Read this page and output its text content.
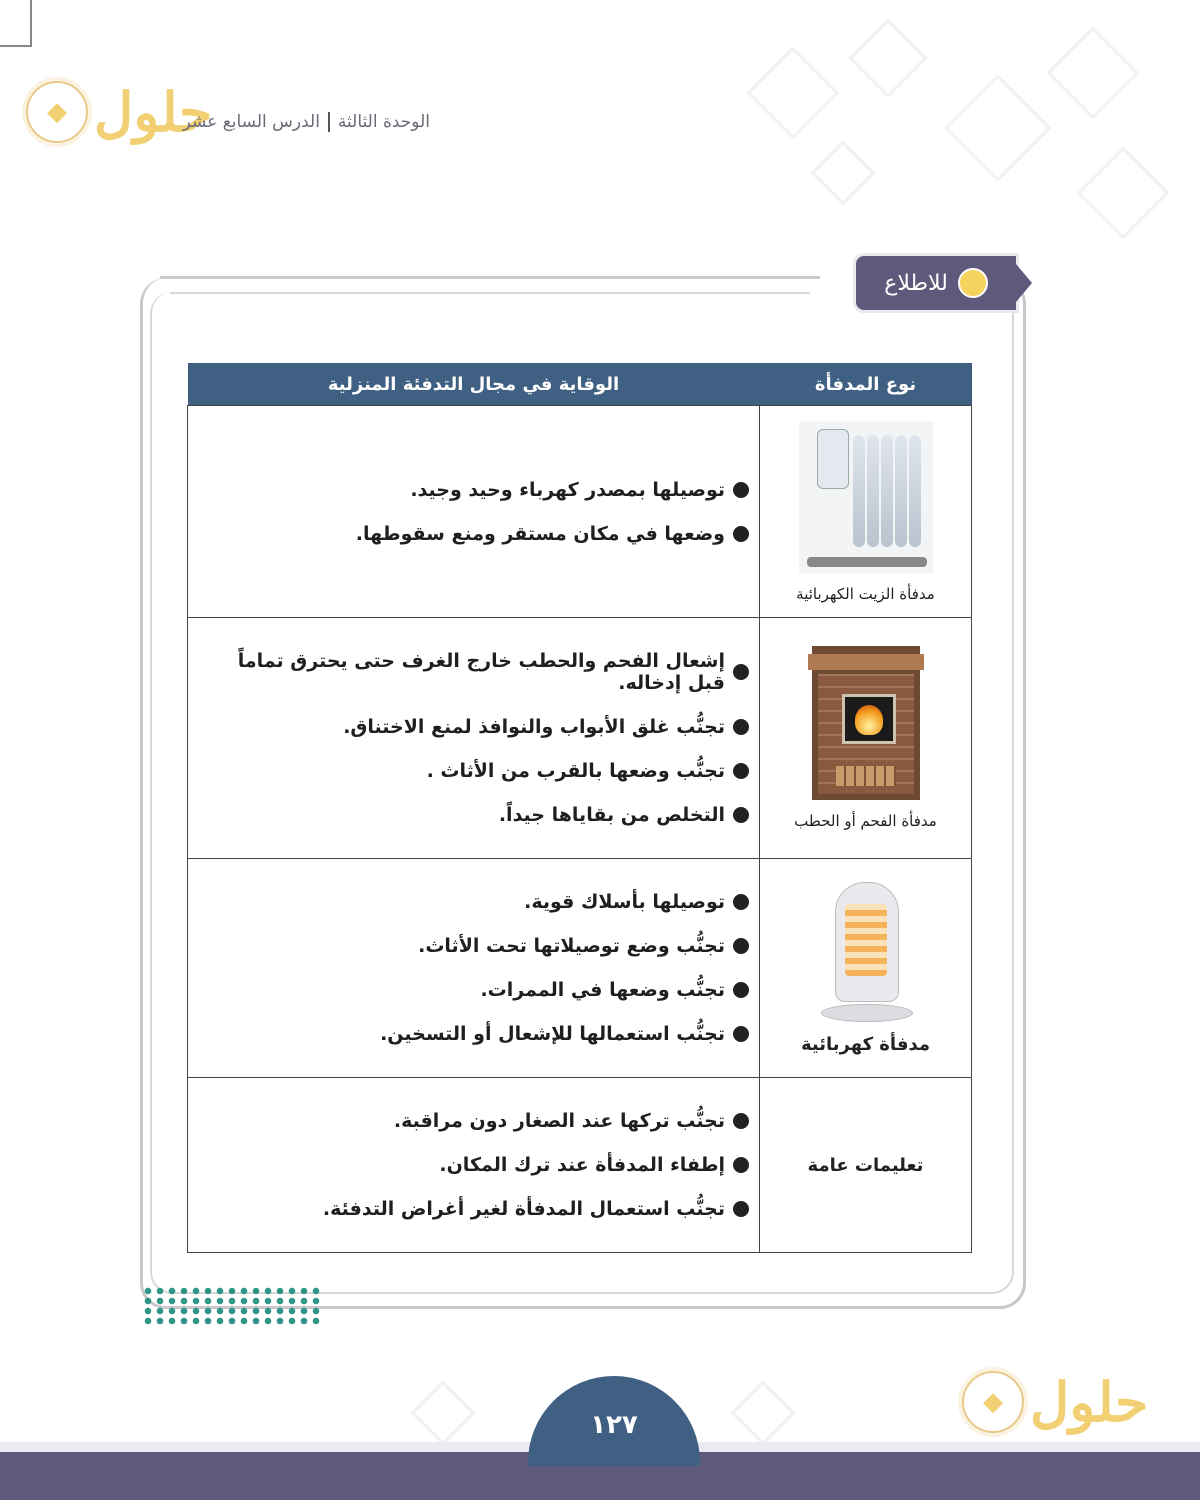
◆ حلول	الوحدة الثالثةالدرس السابع عشر
للاطلاع
نوع المدفأة	الوقاية في مجال التدفئة المنزلية

مدفأة الزيت الكهربائية	توصيلها بمصدر كهرباء وحيد وجيد.
وضعها في مكان مستقر ومنع سقوطها.

مدفأة الفحم أو الحطب	إشعال الفحم والحطب خارج الغرف حتى يحترق تماماً قبل إدخاله.
تجنُّب غلق الأبواب والنوافذ لمنع الاختناق.
تجنُّب وضعها بالقرب من الأثاث .
التخلص من بقاياها جيداً.

مدفأة كهربائية	توصيلها بأسلاك قوية.
تجنُّب وضع توصيلاتها تحت الأثاث.
تجنُّب وضعها في الممرات.
تجنُّب استعمالها للإشعال أو التسخين.

تعليمات عامة	تجنُّب تركها عند الصغار دون مراقبة.
إطفاء المدفأة عند ترك المكان.
تجنُّب استعمال المدفأة لغير أغراض التدفئة.
◆ حلول
١٢٧
